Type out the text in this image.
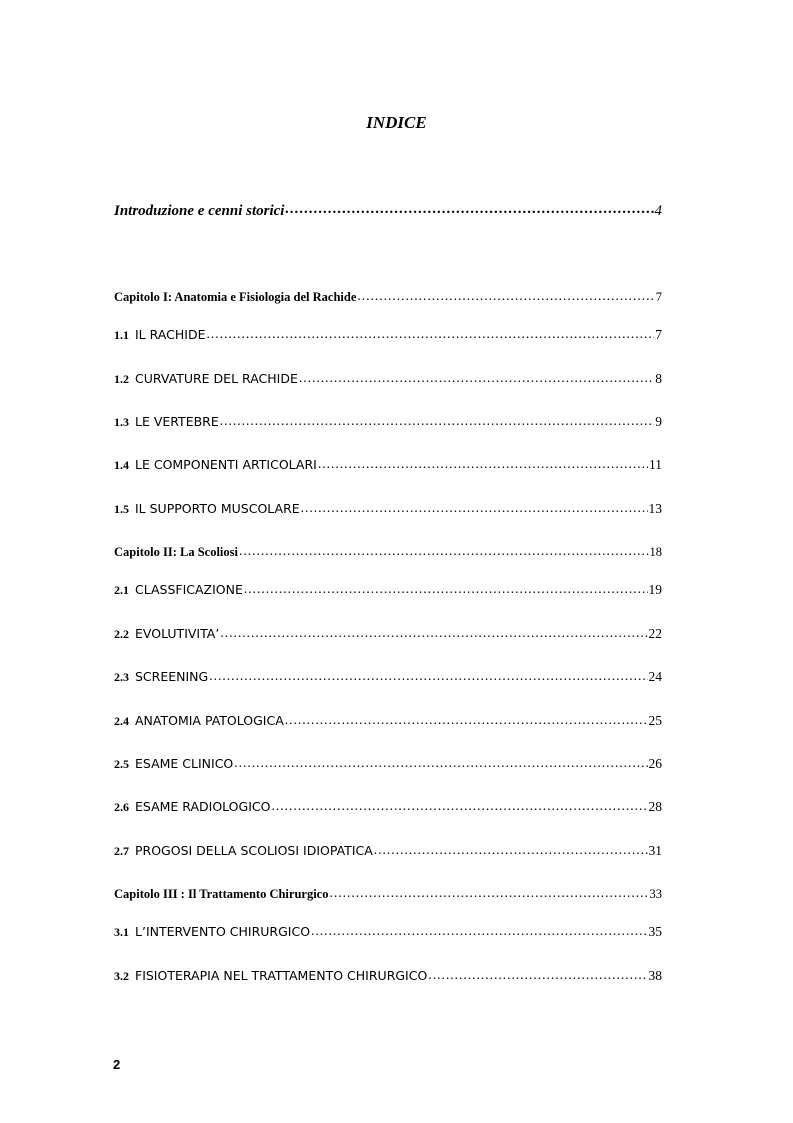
INDICE
Introduzione e cenni storici .....	4
Capitolo I: Anatomia e Fisiologia del Rachide .....	7
1.1 IL RACHIDE .....	7
1.2 CURVATURE DEL RACHIDE .....	8
1.3 LE VERTEBRE .....	9
1.4 LE COMPONENTI ARTICOLARI .....	11
1.5 IL SUPPORTO MUSCOLARE .....	13
Capitolo II: La Scoliosi .....	18
2.1 CLASSFICAZIONE .....	19
2.2 EVOLUTIVITA’ .....	22
2.3 SCREENING .....	24
2.4 ANATOMIA PATOLOGICA .....	25
2.5 ESAME CLINICO .....	26
2.6 ESAME RADIOLOGICO .....	28
2.7 PROGOSI DELLA SCOLIOSI IDIOPATICA .....	31
Capitolo III : Il Trattamento Chirurgico .....	33
3.1 L’INTERVENTO CHIRURGICO .....	35
3.2 FISIOTERAPIA NEL TRATTAMENTO CHIRURGICO .....	38
2
